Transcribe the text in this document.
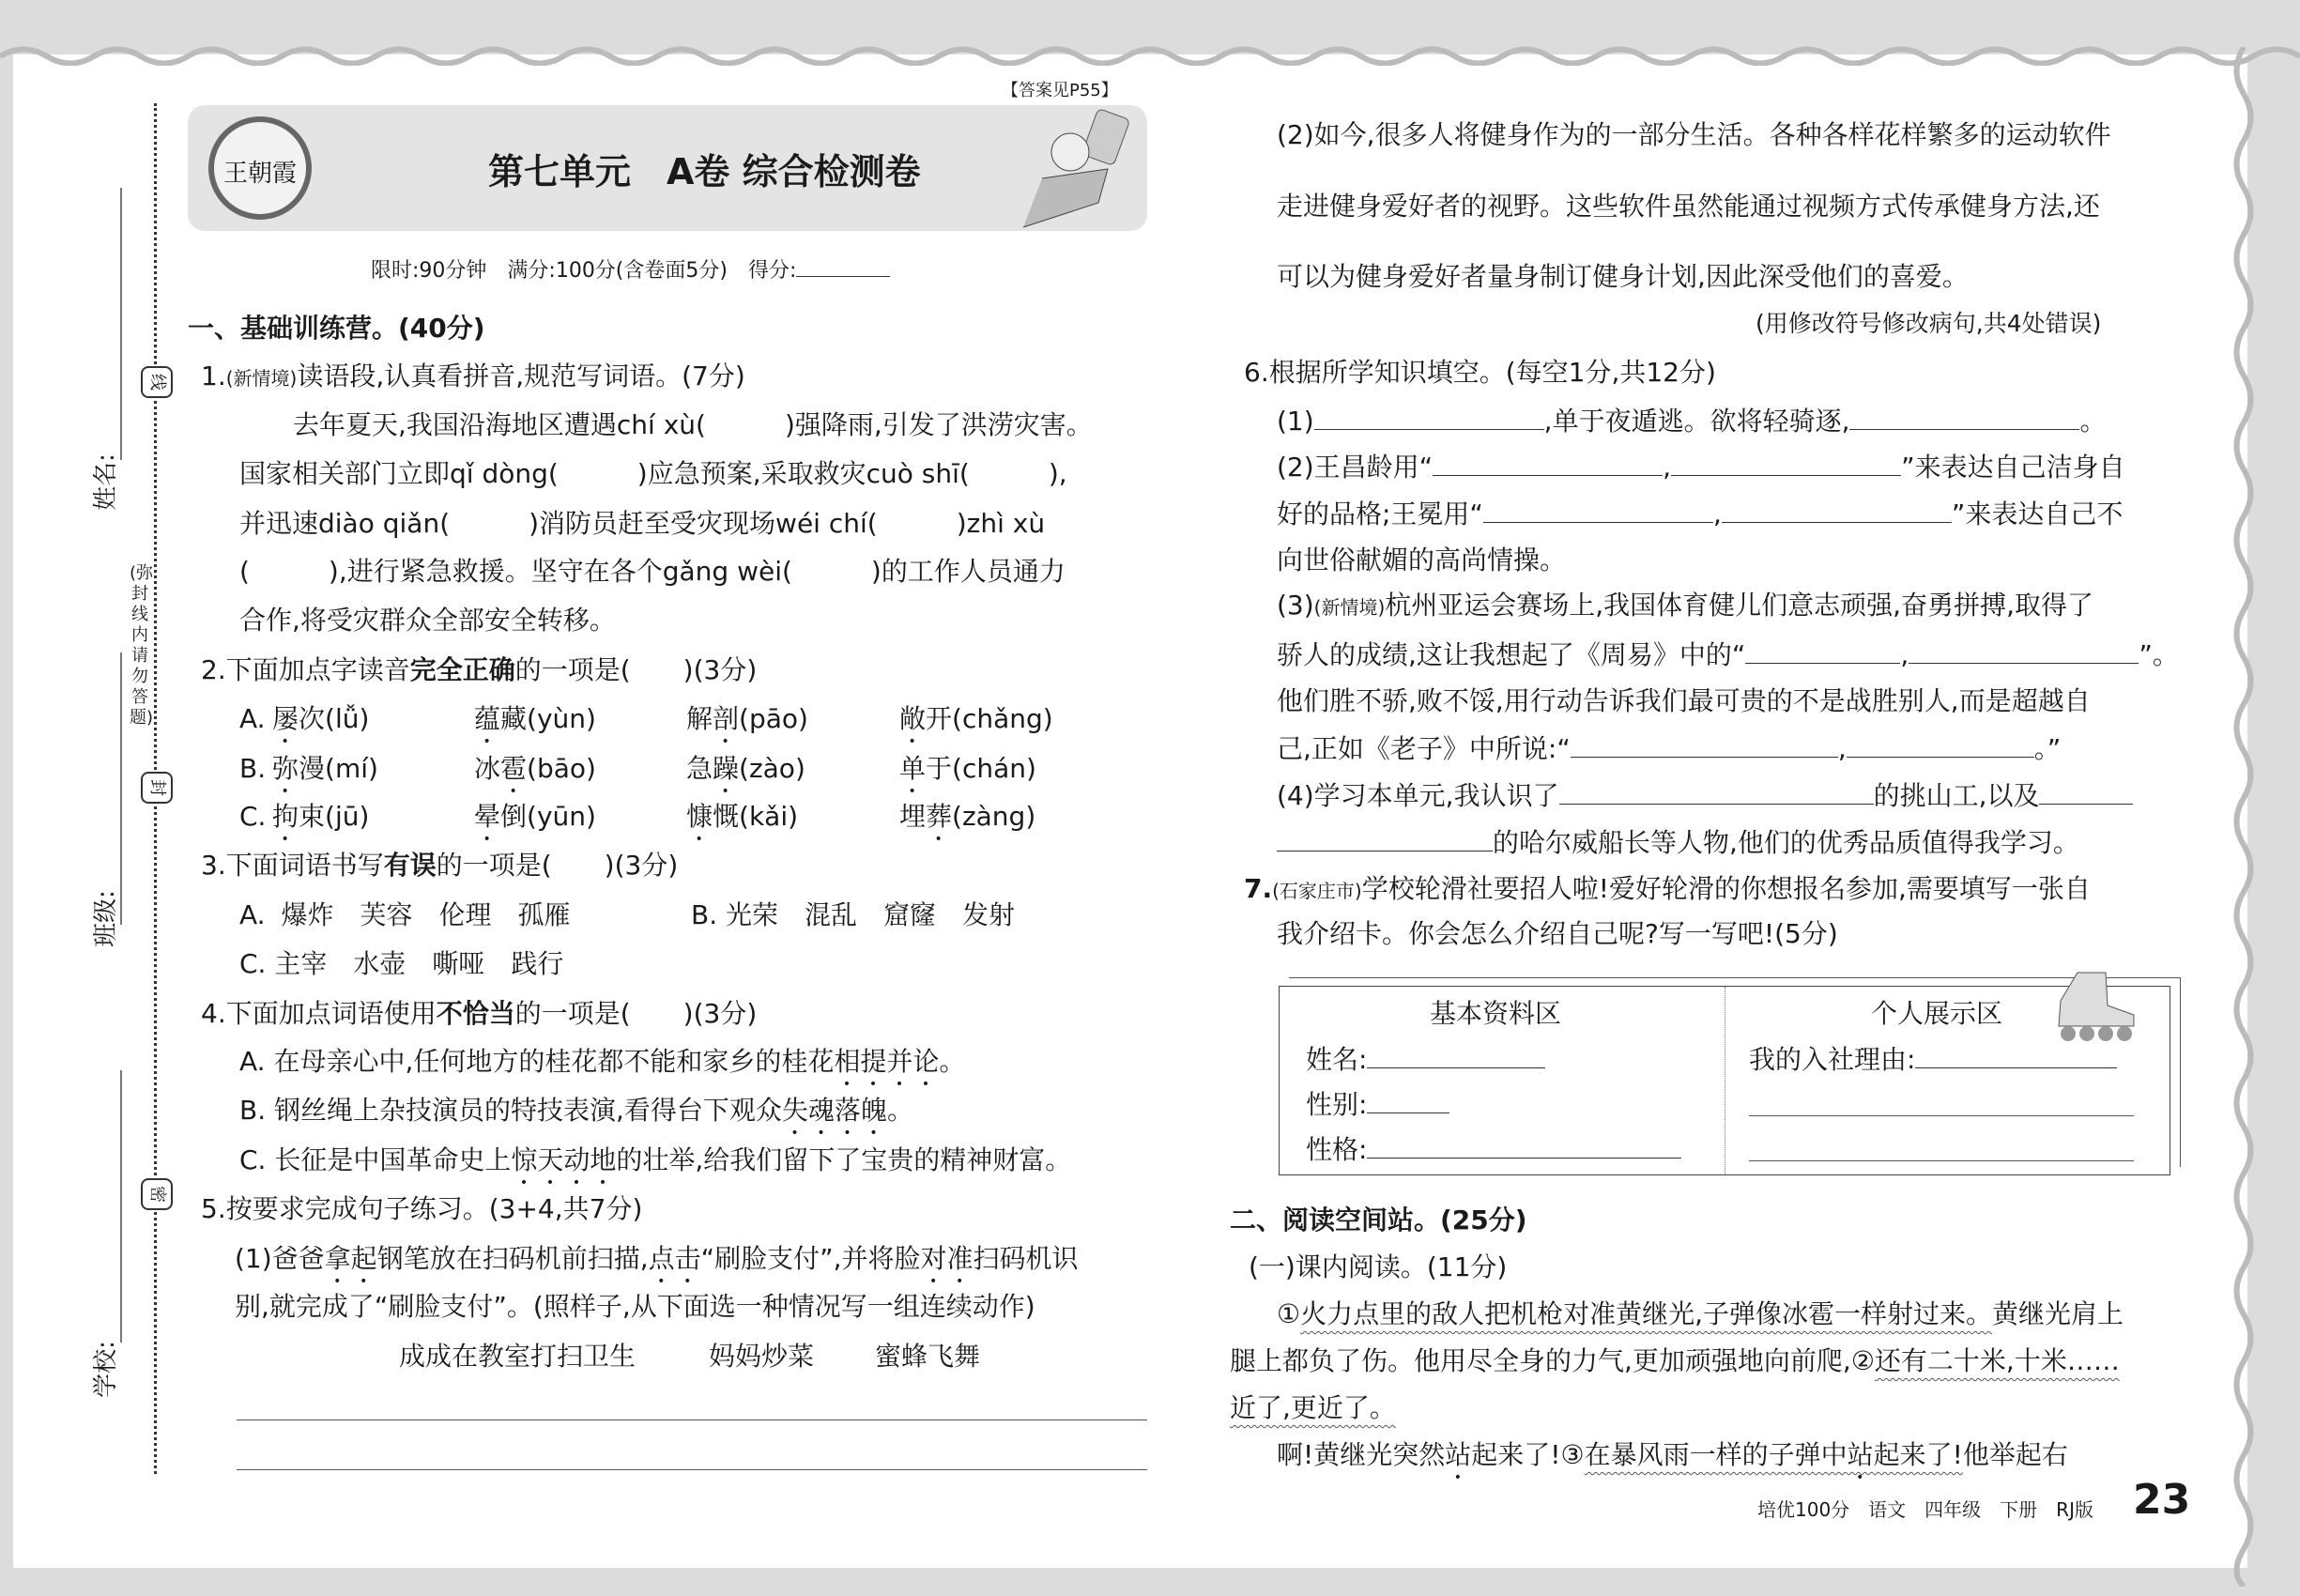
线
封
密
姓名:
班级:
学校:
(弥封线内请勿答题)
王朝霞	第七单元　A卷 综合检测卷
【答案见P55】
限时:90分钟　满分:100分(含卷面5分)　得分:
一、基础训练营。(40分)
1.(新情境)读语段,认真看拼音,规范写词语。(7分)
去年夏天,我国沿海地区遭遇chí xù(　　　)强降雨,引发了洪涝灾害。
国家相关部门立即qǐ dòng(　　　)应急预案,采取救灾cuò shī(　　　),
并迅速diào qiǎn(　　　)消防员赶至受灾现场wéi chí(　　　)zhì xù
(　　　),进行紧急救援。坚守在各个gǎng wèi(　　　)的工作人员通力
合作,将受灾群众全部安全转移。
2.下面加点字读音完全正确的一项是(　　)(3分)
A. 屡次(lǚ)	蕴藏(yùn)	解剖(pāo)	敞开(chǎng)
B. 弥漫(mí)	冰雹(bāo)	急躁(zào)	单于(chán)
C. 拘束(jū)	晕倒(yūn)	慷慨(kǎi)	埋葬(zàng)
3.下面词语书写有误的一项是(　　)(3分)
A. 爆炸　芙容　伦理　孤雁	B. 光荣　混乱　窟窿　发射
C. 主宰　水壶　嘶哑　践行
4.下面加点词语使用不恰当的一项是(　　)(3分)
A. 在母亲心中,任何地方的桂花都不能和家乡的桂花相提并论。
B. 钢丝绳上杂技演员的特技表演,看得台下观众失魂落魄。
C. 长征是中国革命史上惊天动地的壮举,给我们留下了宝贵的精神财富。
5.按要求完成句子练习。(3+4,共7分)
(1)爸爸拿起钢笔放在扫码机前扫描,点击“刷脸支付”,并将脸对准扫码机识
别,就完成了“刷脸支付”。(照样子,从下面选一种情况写一组连续动作)
成成在教室打扫卫生	妈妈炒菜 蜜蜂飞舞
(2)如今,很多人将健身作为的一部分生活。各种各样花样繁多的运动软件
走进健身爱好者的视野。这些软件虽然能通过视频方式传承健身方法,还
可以为健身爱好者量身制订健身计划,因此深受他们的喜爱。
(用修改符号修改病句,共4处错误)
6.根据所学知识填空。(每空1分,共12分)
(1)	,单于夜遁逃。欲将轻骑逐,	。
(2)王昌龄用“	,	”来表达自己洁身自
好的品格;王冕用“	,	”来表达自己不
向世俗献媚的高尚情操。
(3)(新情境)杭州亚运会赛场上,我国体育健儿们意志顽强,奋勇拼搏,取得了
骄人的成绩,这让我想起了《周易》中的“	,	”。
他们胜不骄,败不馁,用行动告诉我们最可贵的不是战胜别人,而是超越自
己,正如《老子》中所说:“	,	。”
(4)学习本单元,我认识了	的挑山工,以及
的哈尔威船长等人物,他们的优秀品质值得我学习。
7.(石家庄市)学校轮滑社要招人啦!爱好轮滑的你想报名参加,需要填写一张自
我介绍卡。你会怎么介绍自己呢?写一写吧!(5分)
基本资料区	个人展示区
姓名:
性别:
性格:
我的入社理由:
二、阅读空间站。(25分)
(一)课内阅读。(11分)
①火力点里的敌人把机枪对准黄继光,子弹像冰雹一样射过来。黄继光肩上
腿上都负了伤。他用尽全身的力气,更加顽强地向前爬,②还有二十米,十米……
近了,更近了。
啊!黄继光突然站起来了!③在暴风雨一样的子弹中站起来了!他举起右
培优100分　语文　四年级　下册　RJ版 23
